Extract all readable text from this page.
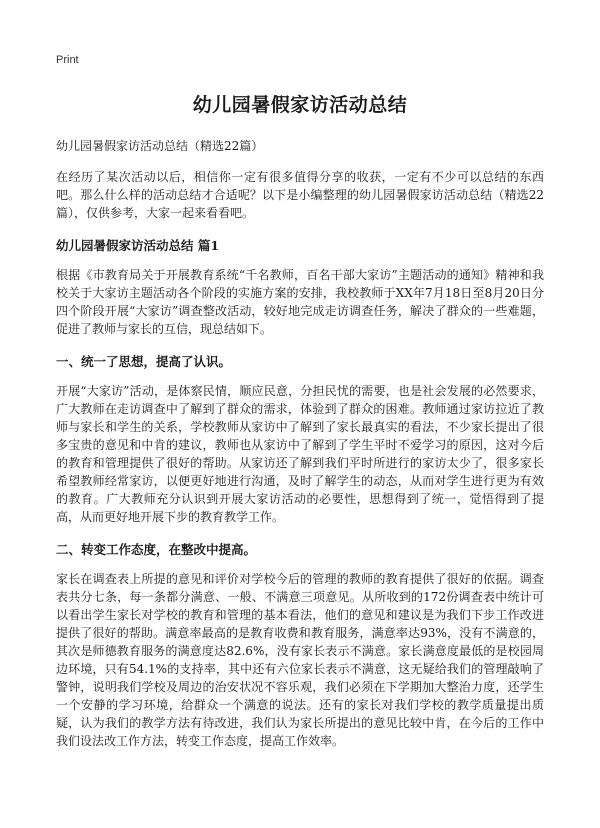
Print
幼儿园暑假家访活动总结
幼儿园暑假家访活动总结（精选22篇）

在经历了某次活动以后，相信你一定有很多值得分享的收获，一定有不少可以总结的东西吧。那么什么样的活动总结才合适呢？以下是小编整理的幼儿园暑假家访活动总结（精选22篇），仅供参考，大家一起来看看吧。

幼儿园暑假家访活动总结 篇1

根据《市教育局关于开展教育系统“千名教师，百名干部大家访”主题活动的通知》精神和我校关于大家访主题活动各个阶段的实施方案的安排，我校教师于XX年7月18日至8月20日分四个阶段开展“大家访”调查整改活动，较好地完成走访调查任务，解决了群众的一些难题，促进了教师与家长的互信，现总结如下。

一、统一了思想，提高了认识。

开展“大家访”活动，是体察民情，顺应民意，分担民忧的需要，也是社会发展的必然要求，广大教师在走访调查中了解到了群众的需求，体验到了群众的困难。教师通过家访拉近了教师与家长和学生的关系，学校教师从家访中了解到了家长最真实的看法，不少家长提出了很多宝贵的意见和中肯的建议，教师也从家访中了解到了学生平时不爱学习的原因，这对今后的教育和管理提供了很好的帮助。从家访还了解到我们平时所进行的家访太少了，很多家长希望教师经常家访，以便更好地进行沟通，及时了解学生的动态，从而对学生进行更为有效的教育。广大教师充分认识到开展大家访活动的必要性，思想得到了统一，觉悟得到了提高，从而更好地开展下步的教育教学工作。

二、转变工作态度，在整改中提高。

家长在调查表上所提的意见和评价对学校今后的管理的教师的教育提供了很好的依据。调查表共分七条，每一条都分满意、一般、不满意三项意见。从所收到的172份调查表中统计可以看出学生家长对学校的教育和管理的基本看法，他们的意见和建议是为我们下步工作改进提供了很好的帮助。满意率最高的是教育收费和教育服务，满意率达93%，没有不满意的，其次是师德教育服务的满意度达82.6%，没有家长表示不满意。家长满意度最低的是校园周边环境，只有54.1%的支持率，其中还有六位家长表示不满意，这无疑给我们的管理敲响了警钟，说明我们学校及周边的治安状况不容乐观，我们必须在下学期加大整治力度，还学生一个安静的学习环境，给群众一个满意的说法。还有的家长对我们学校的教学质量提出质疑，认为我们的教学方法有待改进，我们认为家长所提出的意见比较中肯，在今后的工作中我们设法改工作方法，转变工作态度，提高工作效率。
